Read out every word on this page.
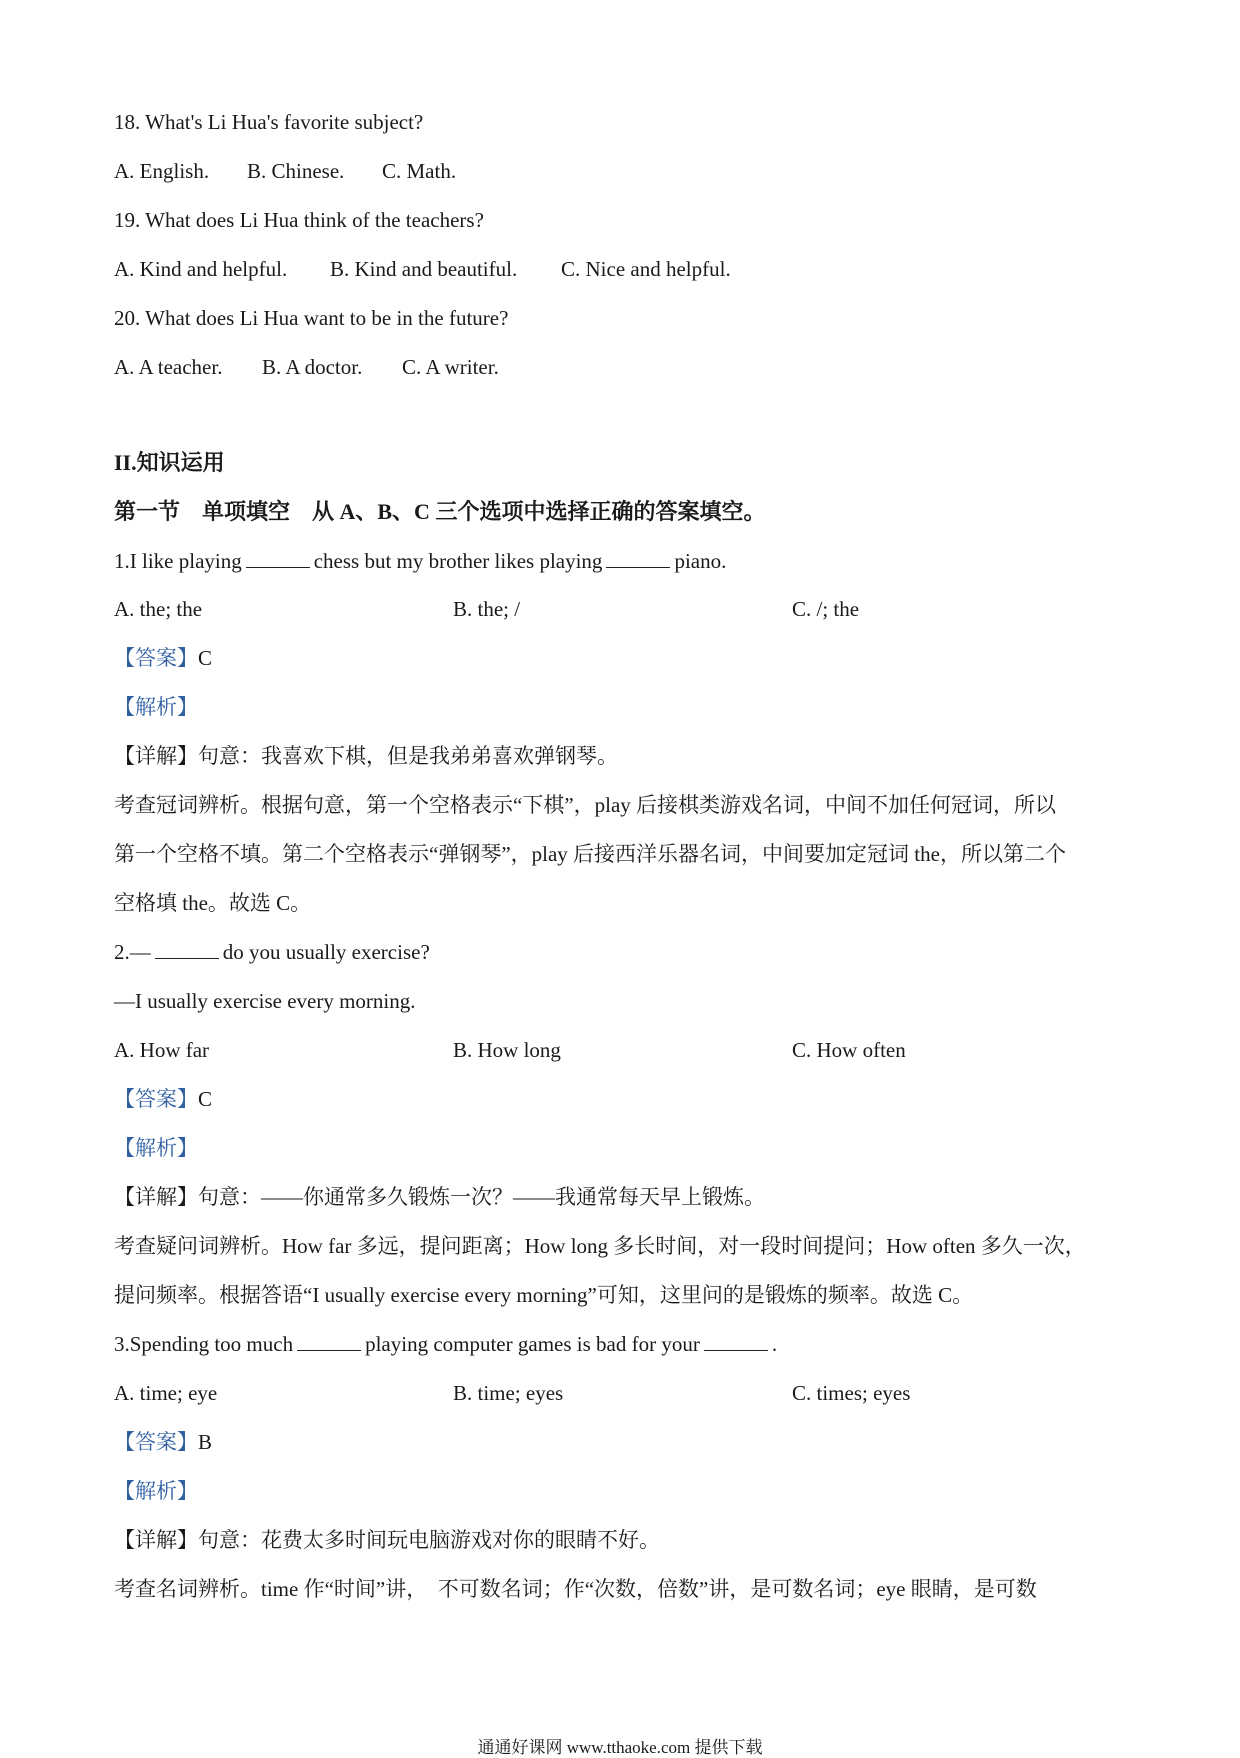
18. What's Li Hua's favorite subject?
A. English. B. Chinese. C. Math.
19. What does Li Hua think of the teachers?
A. Kind and helpful. B. Kind and beautiful. C. Nice and helpful.
20. What does Li Hua want to be in the future?
A. A teacher. B. A doctor. C. A writer.
II.知识运用
第一节　单项填空　从 A、B、C 三个选项中选择正确的答案填空。
1.I like playing	chess but my brother likes playing	piano.
A. the; the	B. the; /	C. /; the
【答案】C
【解析】
【详解】句意：我喜欢下棋，但是我弟弟喜欢弹钢琴。
考查冠词辨析。根据句意，第一个空格表示“下棋”，play 后接棋类游戏名词，中间不加任何冠词，所以
第一个空格不填。第二个空格表示“弹钢琴”，play 后接西洋乐器名词，中间要加定冠词 the，所以第二个
空格填 the。故选 C。
2.—	do you usually exercise?
—I usually exercise every morning.
A. How far	B. How long	C. How often
【答案】C
【解析】
【详解】句意：——你通常多久锻炼一次？——我通常每天早上锻炼。
考查疑问词辨析。How far 多远，提问距离；How long 多长时间，对一段时间提问；How often 多久一次，
提问频率。根据答语“I usually exercise every morning”可知，这里问的是锻炼的频率。故选 C。
3.Spending too much	playing computer games is bad for your	.
A. time; eye	B. time; eyes	C. times; eyes
【答案】B
【解析】
【详解】句意：花费太多时间玩电脑游戏对你的眼睛不好。
考查名词辨析。time 作“时间”讲，　不可数名词；作“次数，倍数”讲，是可数名词；eye 眼睛，是可数
通通好课网 www.tthaoke.com 提供下载
